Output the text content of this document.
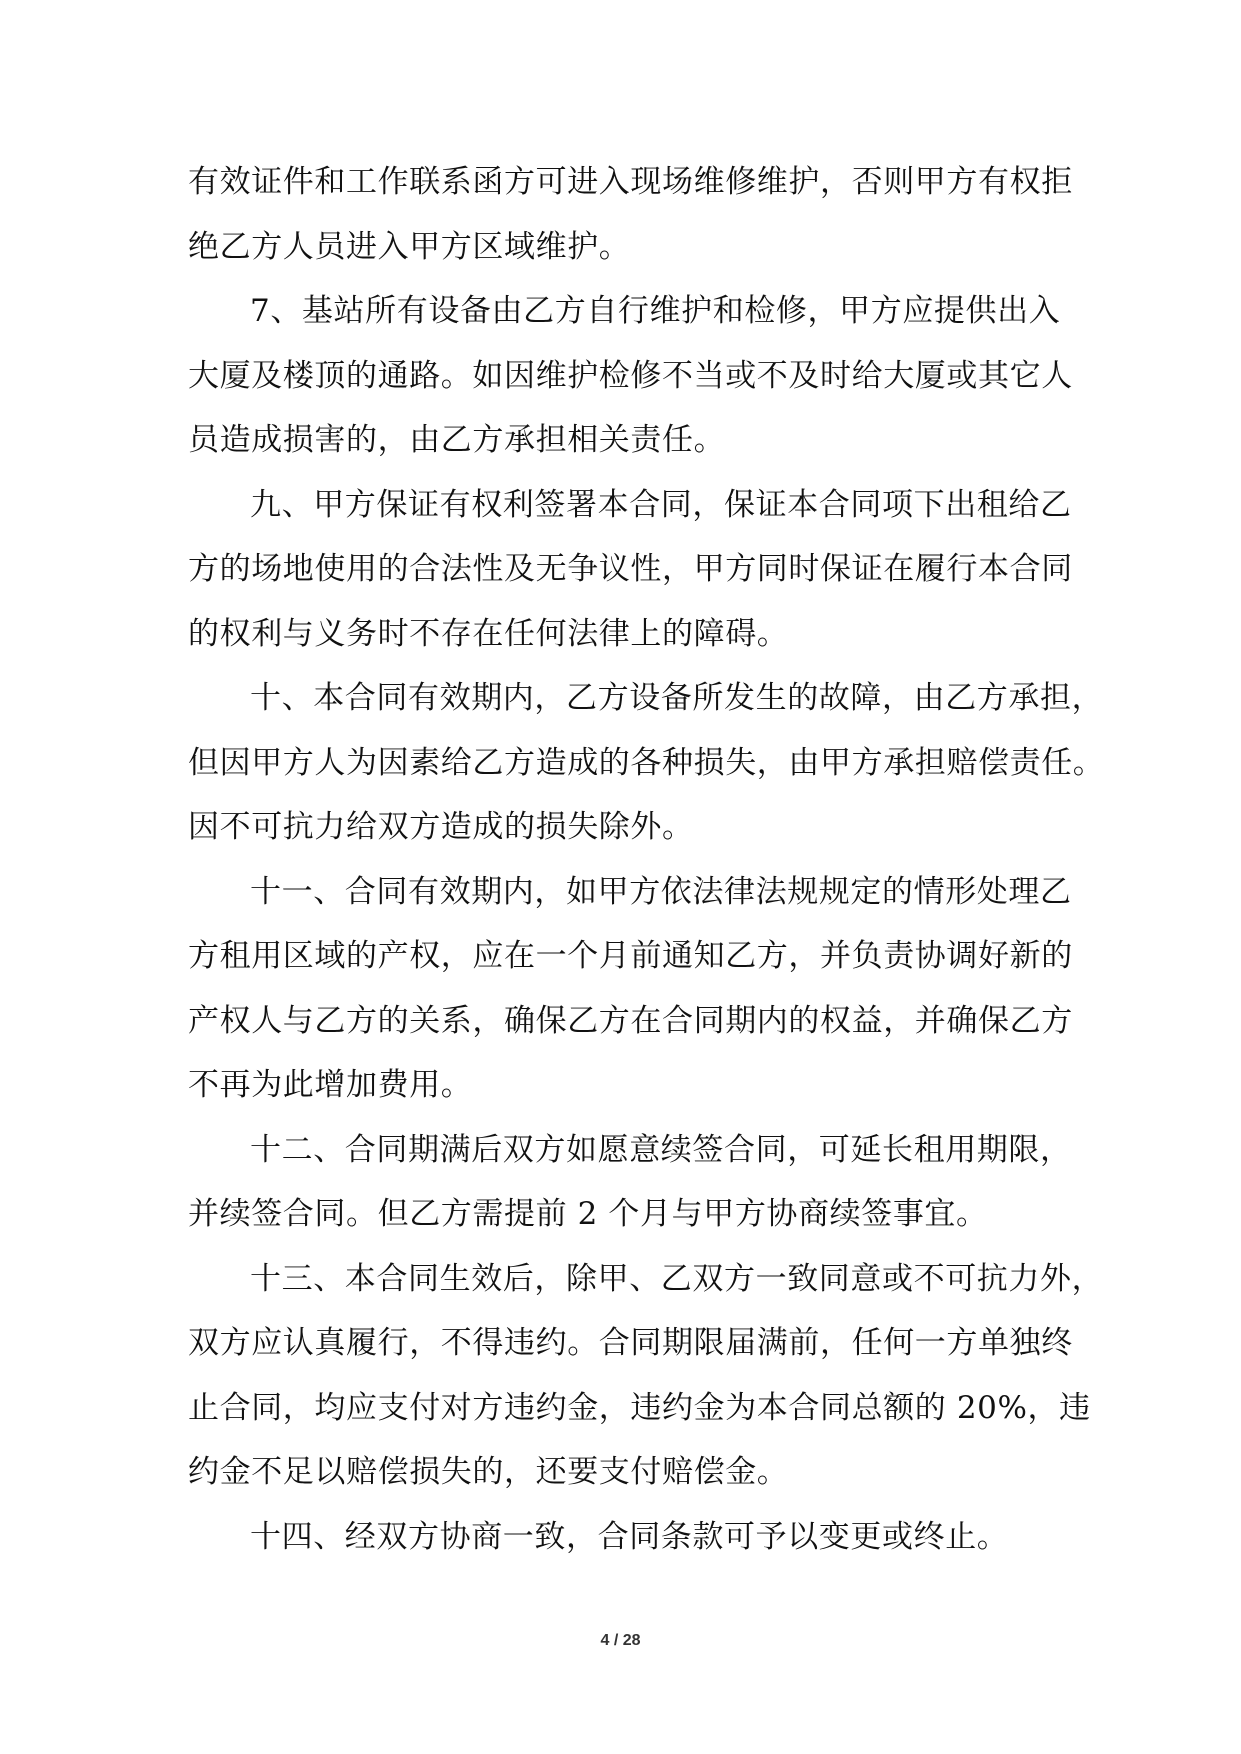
有效证件和工作联系函方可进入现场维修维护，否则甲方有权拒
绝乙方人员进入甲方区域维护。
7、基站所有设备由乙方自行维护和检修，甲方应提供出入
大厦及楼顶的通路。如因维护检修不当或不及时给大厦或其它人
员造成损害的，由乙方承担相关责任。
九、甲方保证有权利签署本合同，保证本合同项下出租给乙
方的场地使用的合法性及无争议性，甲方同时保证在履行本合同
的权利与义务时不存在任何法律上的障碍。
十、本合同有效期内，乙方设备所发生的故障，由乙方承担，
但因甲方人为因素给乙方造成的各种损失，由甲方承担赔偿责任。
因不可抗力给双方造成的损失除外。
十一、合同有效期内，如甲方依法律法规规定的情形处理乙
方租用区域的产权，应在一个月前通知乙方，并负责协调好新的
产权人与乙方的关系，确保乙方在合同期内的权益，并确保乙方
不再为此增加费用。
十二、合同期满后双方如愿意续签合同，可延长租用期限，
并续签合同。但乙方需提前 2 个月与甲方协商续签事宜。
十三、本合同生效后，除甲、乙双方一致同意或不可抗力外，
双方应认真履行，不得违约。合同期限届满前，任何一方单独终
止合同，均应支付对方违约金，违约金为本合同总额的 20%，违
约金不足以赔偿损失的，还要支付赔偿金。
十四、经双方协商一致，合同条款可予以变更或终止。
4 / 28
